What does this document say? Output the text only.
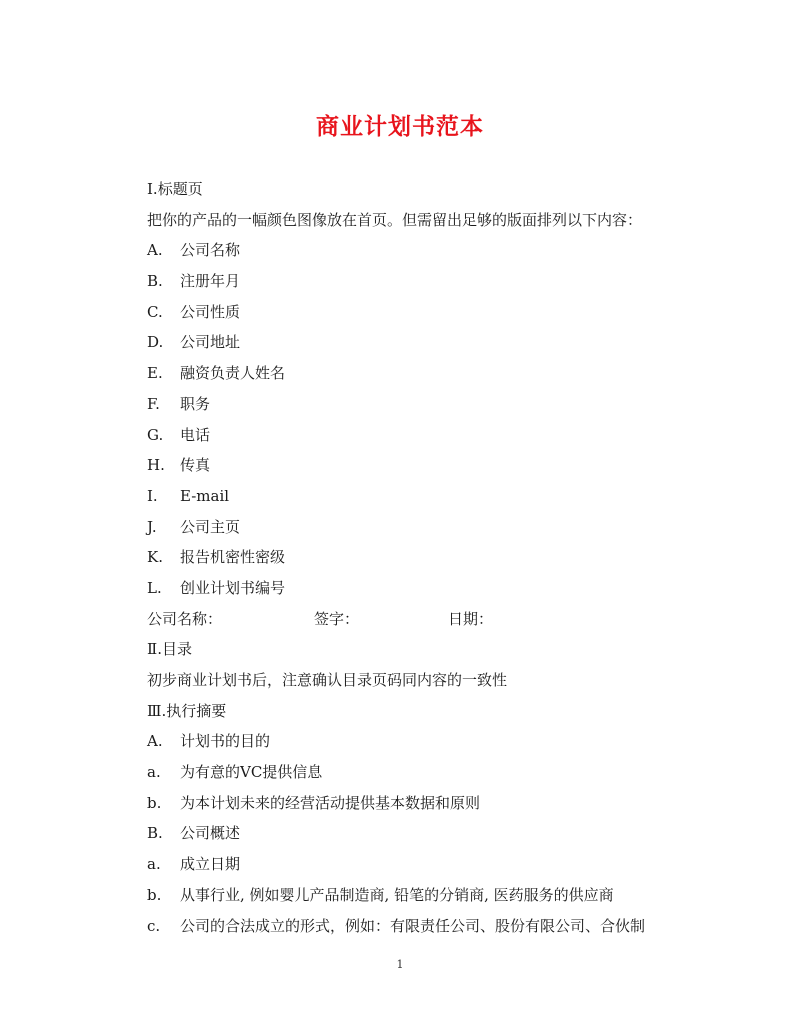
商业计划书范本
Ⅰ.标题页
把你的产品的一幅颜色图像放在首页。但需留出足够的版面排列以下内容：
A. 公司名称
B. 注册年月
C. 公司性质
D. 公司地址
E. 融资负责人姓名
F. 职务
G. 电话
H. 传真
I. E-mail
J. 公司主页
K. 报告机密性密级
L. 创业计划书编号
公司名称：	签字：	日期：
Ⅱ.目录
初步商业计划书后，注意确认目录页码同内容的一致性
Ⅲ.执行摘要
A. 计划书的目的
a. 为有意的VC提供信息
b. 为本计划未来的经营活动提供基本数据和原则
B. 公司概述
a. 成立日期
b. 从事行业, 例如婴儿产品制造商, 铅笔的分销商, 医药服务的供应商
c. 公司的合法成立的形式，例如：有限责任公司、股份有限公司、合伙制
1
